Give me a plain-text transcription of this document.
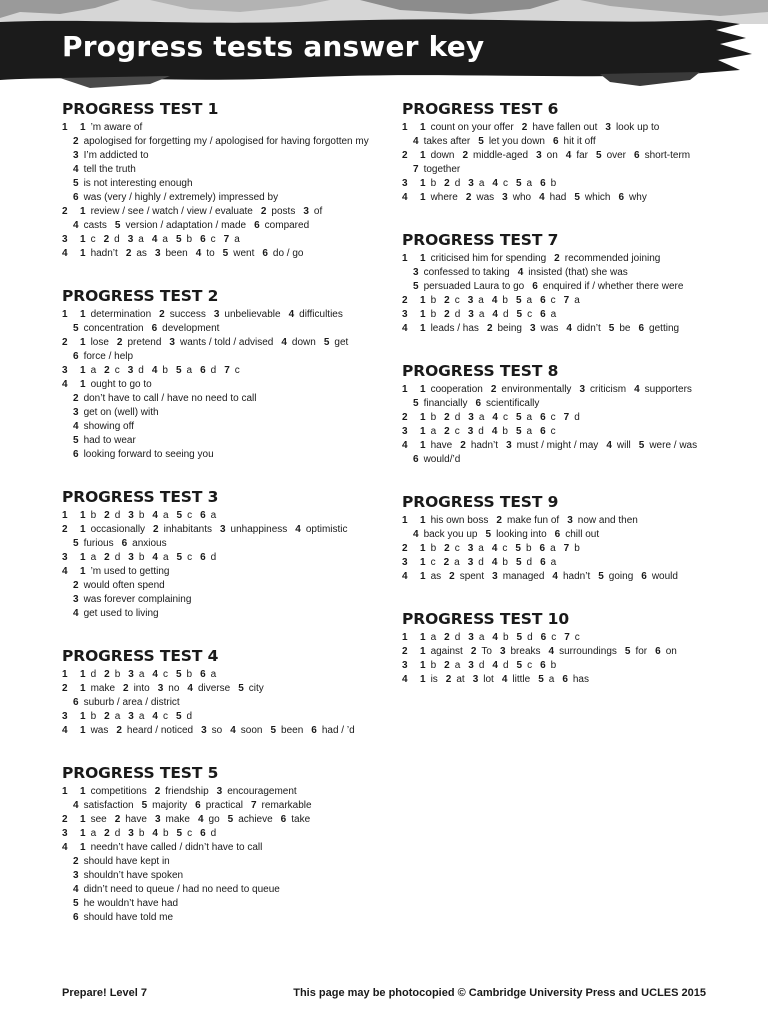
Progress tests answer key
PROGRESS TEST 1
1 1 ’m aware of
2 apologised for forgetting my / apologised for having forgotten my
3 I’m addicted to
4 tell the truth
5 is not interesting enough
6 was (very / highly / extremely) impressed by
2 1 review / see / watch / view / evaluate 2 posts 3 of
4 casts 5 version / adaptation / made 6 compared
3 1 c 2 d 3 a 4 a 5 b 6 c 7 a
4 1 hadn’t 2 as 3 been 4 to 5 went 6 do / go
PROGRESS TEST 2
1 1 determination 2 success 3 unbelievable 4 difficulties
5 concentration 6 development
2 1 lose 2 pretend 3 wants / told / advised 4 down 5 get
6 force / help
3 1 a 2 c 3 d 4 b 5 a 6 d 7 c
4 1 ought to go to
2 don’t have to call / have no need to call
3 get on (well) with
4 showing off
5 had to wear
6 looking forward to seeing you
PROGRESS TEST 3
1 1 b 2 d 3 b 4 a 5 c 6 a
2 1 occasionally 2 inhabitants 3 unhappiness 4 optimistic
5 furious 6 anxious
3 1 a 2 d 3 b 4 a 5 c 6 d
4 1 ’m used to getting
2 would often spend
3 was forever complaining
4 get used to living
PROGRESS TEST 4
1 1 d 2 b 3 a 4 c 5 b 6 a
2 1 make 2 into 3 no 4 diverse 5 city
6 suburb / area / district
3 1 b 2 a 3 a 4 c 5 d
4 1 was 2 heard / noticed 3 so 4 soon 5 been 6 had / ’d
PROGRESS TEST 5
1 1 competitions 2 friendship 3 encouragement
4 satisfaction 5 majority 6 practical 7 remarkable
2 1 see 2 have 3 make 4 go 5 achieve 6 take
3 1 a 2 d 3 b 4 b 5 c 6 d
4 1 needn’t have called / didn’t have to call
2 should have kept in
3 shouldn’t have spoken
4 didn’t need to queue / had no need to queue
5 he wouldn’t have had
6 should have told me
PROGRESS TEST 6
1 1 count on your offer 2 have fallen out 3 look up to
4 takes after 5 let you down 6 hit it off
2 1 down 2 middle-aged 3 on 4 far 5 over 6 short-term
7 together
3 1 b 2 d 3 a 4 c 5 a 6 b
4 1 where 2 was 3 who 4 had 5 which 6 why
PROGRESS TEST 7
1 1 criticised him for spending 2 recommended joining
3 confessed to taking 4 insisted (that) she was
5 persuaded Laura to go 6 enquired if / whether there were
2 1 b 2 c 3 a 4 b 5 a 6 c 7 a
3 1 b 2 d 3 a 4 d 5 c 6 a
4 1 leads / has 2 being 3 was 4 didn’t 5 be 6 getting
PROGRESS TEST 8
1 1 cooperation 2 environmentally 3 criticism 4 supporters
5 financially 6 scientifically
2 1 b 2 d 3 a 4 c 5 a 6 c 7 d
3 1 a 2 c 3 d 4 b 5 a 6 c
4 1 have 2 hadn’t 3 must / might / may 4 will 5 were / was
6 would/’d
PROGRESS TEST 9
1 1 his own boss 2 make fun of 3 now and then
4 back you up 5 looking into 6 chill out
2 1 b 2 c 3 a 4 c 5 b 6 a 7 b
3 1 c 2 a 3 d 4 b 5 d 6 a
4 1 as 2 spent 3 managed 4 hadn’t 5 going 6 would
PROGRESS TEST 10
1 1 a 2 d 3 a 4 b 5 d 6 c 7 c
2 1 against 2 To 3 breaks 4 surroundings 5 for 6 on
3 1 b 2 a 3 d 4 d 5 c 6 b
4 1 is 2 at 3 lot 4 little 5 a 6 has
Prepare! Level 7	This page may be photocopied © Cambridge University Press and UCLES 2015
